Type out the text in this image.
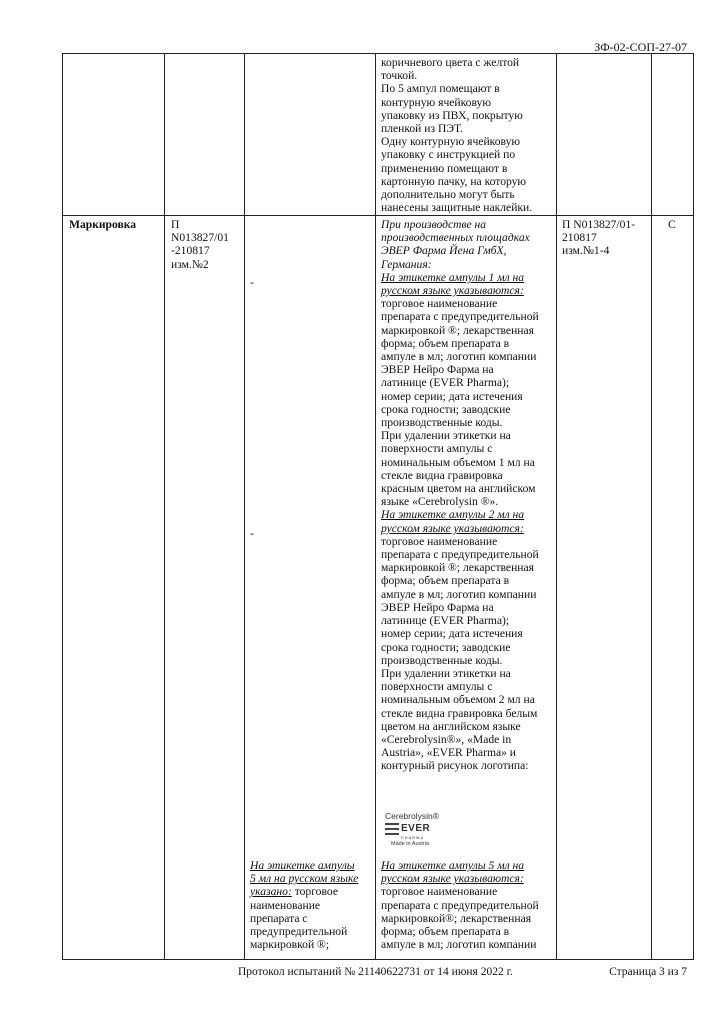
ЗФ-02-СОП-27-07
коричневого цвета с желтой
точкой.
По 5 ампул помещают в
контурную ячейковую
упаковку из ПВХ, покрытую
пленкой из ПЭТ.
Одну контурную ячейковую
упаковку с инструкцией по
применению помещают в
картонную пачку, на которую
дополнительно могут быть
нанесены защитные наклейки.
Маркировка	П
N013827/01
-210817
изм.№2
-
-
При производстве на
производственных площадках
ЭВЕР Фарма Йена ГмбХ,
Германия:
На этикетке ампулы 1 мл на
русском языке указываются:
торговое наименование
препарата с предупредительной
маркировкой ®; лекарственная
форма; объем препарата в
ампуле в мл; логотип компании
ЭВЕР Нейро Фарма на
латинице (EVER Pharma);
номер серии; дата истечения
срока годности; заводские
производственные коды.
При удалении этикетки на
поверхности ампулы с
номинальным объемом 1 мл на
стекле видна гравировка
красным цветом на английском
языке «Cerebrolysin ®».
На этикетке ампулы 2 мл на
русском языке указываются:
торговое наименование
препарата с предупредительной
маркировкой ®; лекарственная
форма; объем препарата в
ампуле в мл; логотип компании
ЭВЕР Нейро Фарма на
латинице (EVER Pharma);
номер серии; дата истечения
срока годности; заводские
производственные коды.
При удалении этикетки на
поверхности ампулы с
номинальным объемом 2 мл на
стекле видна гравировка белым
цветом на английском языке
«Cerebrolysin®», «Made in
Austria», «EVER Pharma» и
контурный рисунок логотипа:
Cerebrolysin®
EVER
PHARMA
Made in Austria
На этикетке ампулы 5 мл на
русском языке указываются:
торговое наименование
препарата с предупредительной
маркировкой®; лекарственная
форма; объем препарата в
ампуле в мл; логотип компании
На этикетке ампулы
5 мл на русском языке
указано: торговое
наименование
препарата с
предупредительной
маркировкой ®;
П N013827/01-
210817
изм.№1-4
С
Протокол испытаний № 21140622731 от 14 июня 2022 г.	Страница 3 из 7
